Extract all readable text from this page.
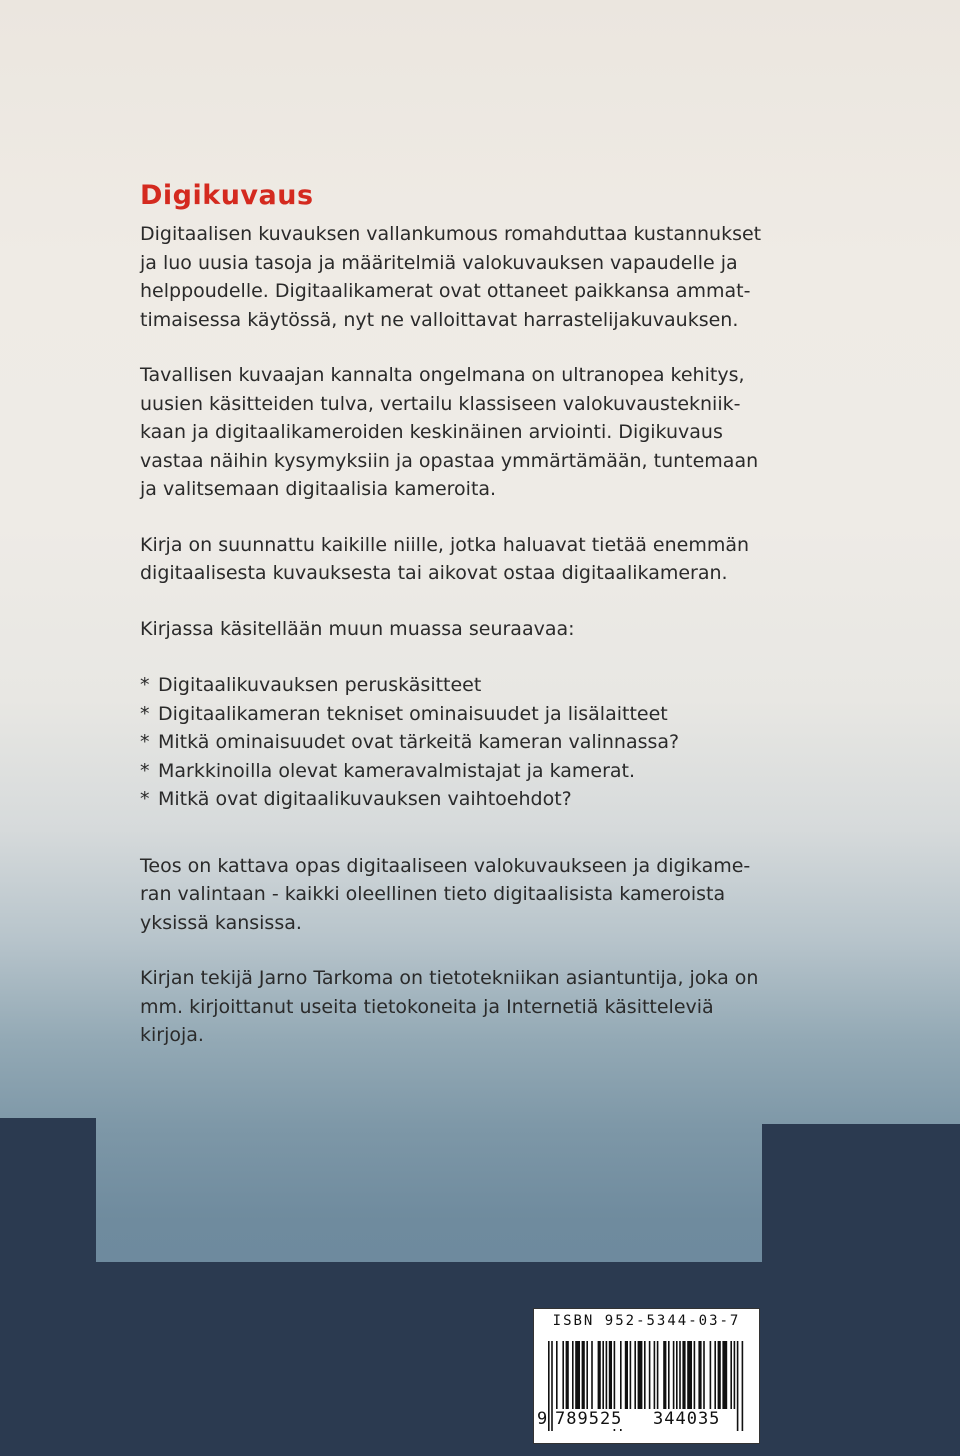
Digikuvaus
Digitaalisen kuvauksen vallankumous romahduttaa kustannukset
ja luo uusia tasoja ja määritelmiä valokuvauksen vapaudelle ja
helppoudelle. Digitaalikamerat ovat ottaneet paikkansa ammat-
timaisessa käytössä, nyt ne valloittavat harrastelijakuvauksen.
Tavallisen kuvaajan kannalta ongelmana on ultranopea kehitys,
uusien käsitteiden tulva, vertailu klassiseen valokuvaustekniik-
kaan ja digitaalikameroiden keskinäinen arviointi. Digikuvaus
vastaa näihin kysymyksiin ja opastaa ymmärtämään, tuntemaan
ja valitsemaan digitaalisia kameroita.
Kirja on suunnattu kaikille niille, jotka haluavat tietää enemmän
digitaalisesta kuvauksesta tai aikovat ostaa digitaalikameran.
Kirjassa käsitellään muun muassa seuraavaa:
* Digitaalikuvauksen peruskäsitteet
* Digitaalikameran tekniset ominaisuudet ja lisälaitteet
* Mitkä ominaisuudet ovat tärkeitä kameran valinnassa?
* Markkinoilla olevat kameravalmistajat ja kamerat.
* Mitkä ovat digitaalikuvauksen vaihtoehdot?
Teos on kattava opas digitaaliseen valokuvaukseen ja digikame-
ran valintaan - kaikki oleellinen tieto digitaalisista kameroista
yksissä kansissa.
Kirjan tekijä Jarno Tarkoma on tietotekniikan asiantuntija, joka on
mm. kirjoittanut useita tietokoneita ja Internetiä käsitteleviä
kirjoja.
ISBN 952-5344-03-7
9 789525 344035
